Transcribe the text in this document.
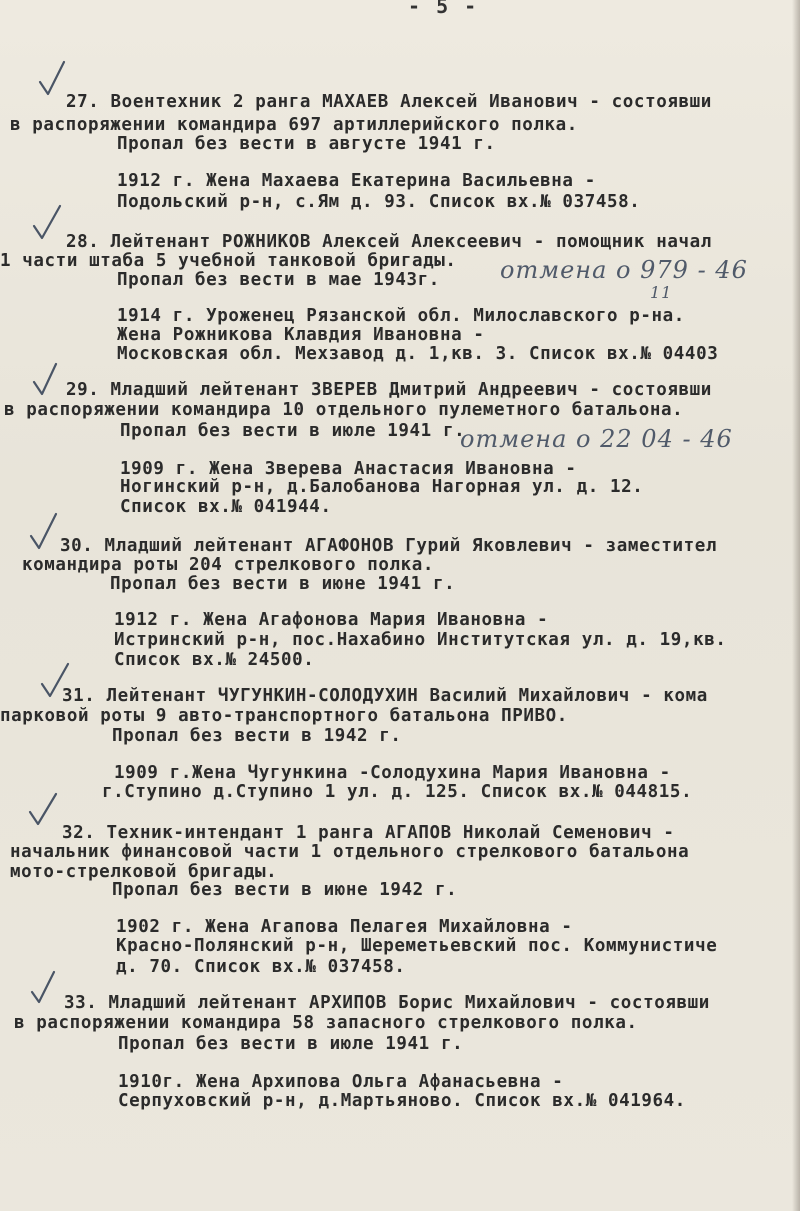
- 5 -
27. Воентехник 2 ранга МАХАЕВ Алексей Иванович - состоявши
в распоряжении командира 697 артиллерийского полка.
Пропал без вести в августе 1941 г.
1912 г. Жена Махаева Екатерина Васильевна -
Подольский р-н, с.Ям д. 93. Список вх.№ 037458.
28. Лейтенант РОЖНИКОВ Алексей Алексеевич - помощник начал
1 части штаба 5 учебной танковой бригады.
Пропал без вести в мае 1943г.	отмена о 979 - 46
11
1914 г. Уроженец Рязанской обл. Милославского р-на.
Жена Рожникова Клавдия Ивановна -
Московская обл. Мехзавод д. 1,кв. 3. Список вх.№ 04403
29. Младший лейтенант ЗВЕРЕВ Дмитрий Андреевич - состоявши
в распоряжении командира 10 отдельного пулеметного батальона.
Пропал без вести в июле 1941 г.
отмена о 22 04 - 46
1909 г. Жена Зверева Анастасия Ивановна -
Ногинский р-н, д.Балобанова Нагорная ул. д. 12.
Список вх.№ 041944.
30. Младший лейтенант АГАФОНОВ Гурий Яковлевич - заместител
командира роты 204 стрелкового полка.
Пропал без вести в июне 1941 г.
1912 г. Жена Агафонова Мария Ивановна -
Истринский р-н, пос.Нахабино Институтская ул. д. 19,кв.
Список вх.№ 24500.
31. Лейтенант ЧУГУНКИН-СОЛОДУХИН Василий Михайлович - кома
парковой роты 9 авто-транспортного батальона ПРИВО.
Пропал без вести в 1942 г.
1909 г.Жена Чугункина -Солодухина Мария Ивановна -
г.Ступино д.Ступино 1 ул. д. 125. Список вх.№ 044815.
32. Техник-интендант 1 ранга АГАПОВ Николай Семенович -
начальник финансовой части 1 отдельного стрелкового батальона
мото-стрелковой бригады.
Пропал без вести в июне 1942 г.
1902 г. Жена Агапова Пелагея Михайловна -
Красно-Полянский р-н, Шереметьевский пос. Коммунистиче
д. 70. Список вх.№ 037458.
33. Младший лейтенант АРХИПОВ Борис Михайлович - состоявши
в распоряжении командира 58 запасного стрелкового полка.
Пропал без вести в июле 1941 г.
1910г. Жена Архипова Ольга Афанасьевна -
Серпуховский р-н, д.Мартьяново. Список вх.№ 041964.
